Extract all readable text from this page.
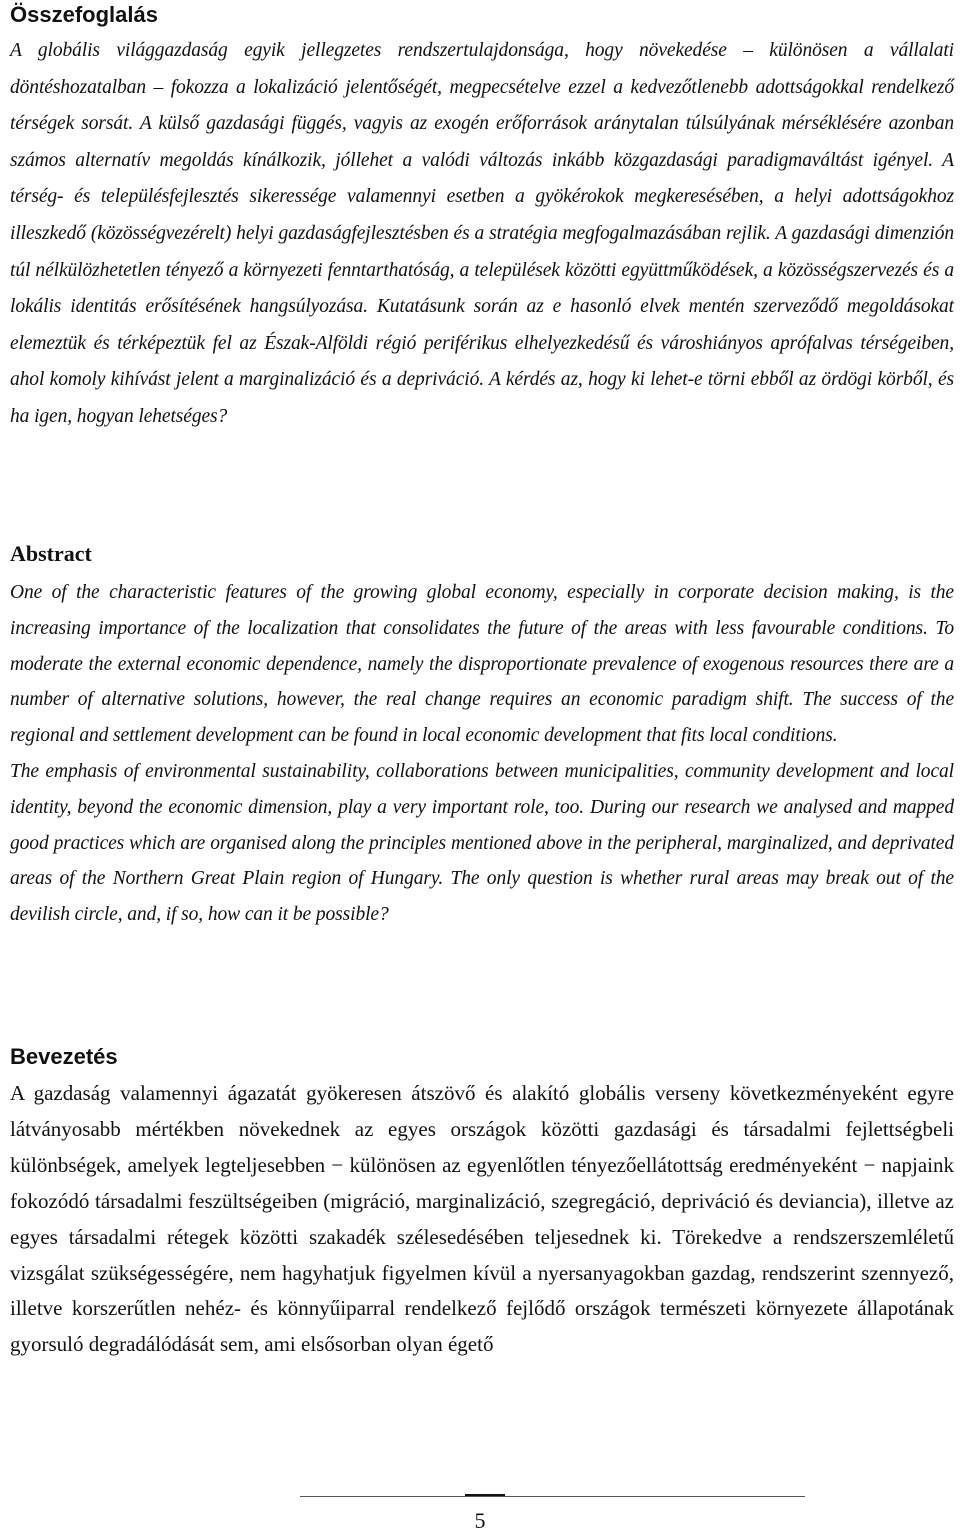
Összefoglalás

A globális világgazdaság egyik jellegzetes rendszertulajdonsága, hogy növekedése – különösen a vállalati döntéshozatalban – fokozza a lokalizáció jelentőségét, megpecsételve ezzel a kedvezőtlenebb adottságokkal rendelkező térségek sorsát. A külső gazdasági függés, vagyis az exogén erőforrások aránytalan túlsúlyának mérséklésére azonban számos alternatív megoldás kínálkozik, jóllehet a valódi változás inkább közgazdasági paradigmaváltást igényel. A térség- és településfejlesztés sikeressége valamennyi esetben a gyökérokok megkeresésében, a helyi adottságokhoz illeszkedő (közösségvezérelt) helyi gazdaságfejlesztésben és a stratégia megfogalmazásában rejlik. A gazdasági dimenzión túl nélkülözhetetlen tényező a környezeti fenntarthatóság, a települések közötti együttműködések, a közösségszervezés és a lokális identitás erősítésének hangsúlyozása. Kutatásunk során az e hasonló elvek mentén szerveződő megoldásokat elemeztük és térképeztük fel az Észak-Alföldi régió periférikus elhelyezkedésű és városhiányos aprófalvas térségeiben, ahol komoly kihívást jelent a marginalizáció és a depriváció. A kérdés az, hogy ki lehet-e törni ebből az ördögi körből, és ha igen, hogyan lehetséges?

Abstract

One of the characteristic features of the growing global economy, especially in corporate decision making, is the increasing importance of the localization that consolidates the future of the areas with less favourable conditions. To moderate the external economic dependence, namely the disproportionate prevalence of exogenous resources there are a number of alternative solutions, however, the real change requires an economic paradigm shift. The success of the regional and settlement development can be found in local economic development that fits local conditions.

The emphasis of environmental sustainability, collaborations between municipalities, community development and local identity, beyond the economic dimension, play a very important role, too. During our research we analysed and mapped good practices which are organised along the principles mentioned above in the peripheral, marginalized, and deprivated areas of the Northern Great Plain region of Hungary. The only question is whether rural areas may break out of the devilish circle, and, if so, how can it be possible?

Bevezetés

A gazdaság valamennyi ágazatát gyökeresen átszövő és alakító globális verseny következményeként egyre látványosabb mértékben növekednek az egyes országok közötti gazdasági és társadalmi fejlettségbeli különbségek, amelyek legteljesebben − különösen az egyenlőtlen tényezőellátottság eredményeként − napjaink fokozódó társadalmi feszültségeiben (migráció, marginalizáció, szegregáció, depriváció és deviancia), illetve az egyes társadalmi rétegek közötti szakadék szélesedésében teljesednek ki. Törekedve a rendszerszemléletű vizsgálat szükségességére, nem hagyhatjuk figyelmen kívül a nyersanyagokban gazdag, rendszerint szennyező, illetve korszerűtlen nehéz- és könnyűiparral rendelkező fejlődő országok természeti környezete állapotának gyorsuló degradálódását sem, ami elsősorban olyan égető

5
